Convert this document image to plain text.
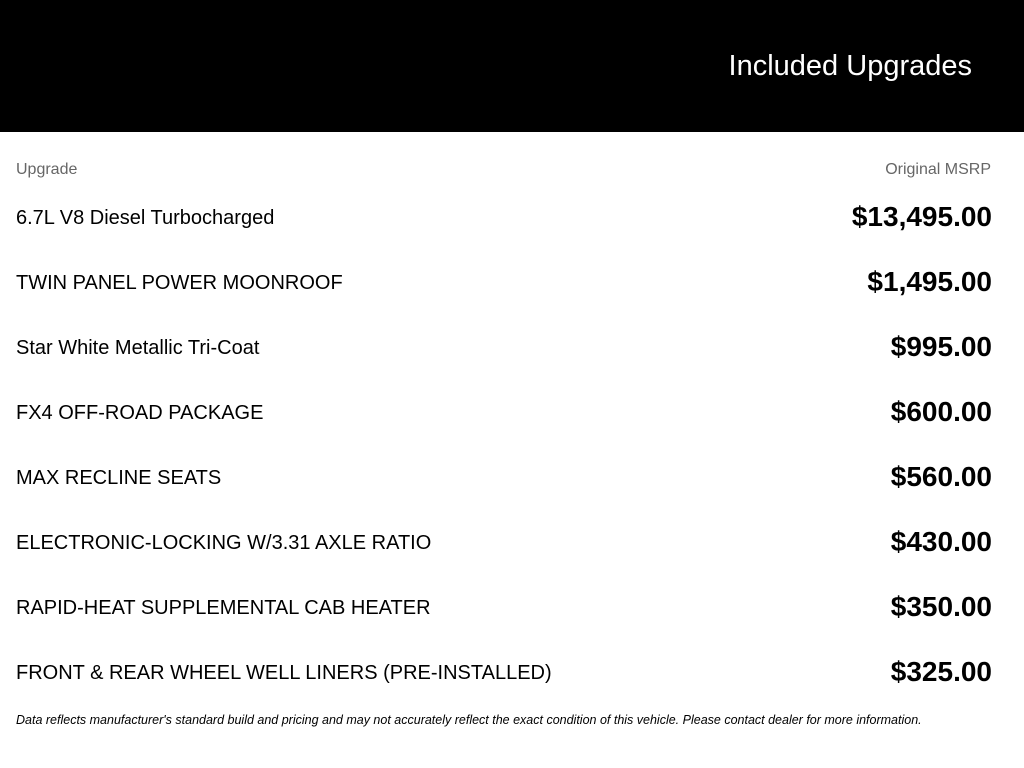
Included Upgrades
Upgrade	Original MSRP
6.7L V8 Diesel Turbocharged	$13,495.00
TWIN PANEL POWER MOONROOF	$1,495.00
Star White Metallic Tri-Coat	$995.00
FX4 OFF-ROAD PACKAGE	$600.00
MAX RECLINE SEATS	$560.00
ELECTRONIC-LOCKING W/3.31 AXLE RATIO	$430.00
RAPID-HEAT SUPPLEMENTAL CAB HEATER	$350.00
FRONT & REAR WHEEL WELL LINERS (PRE-INSTALLED)	$325.00
Data reflects manufacturer's standard build and pricing and may not accurately reflect the exact condition of this vehicle. Please contact dealer for more information.
